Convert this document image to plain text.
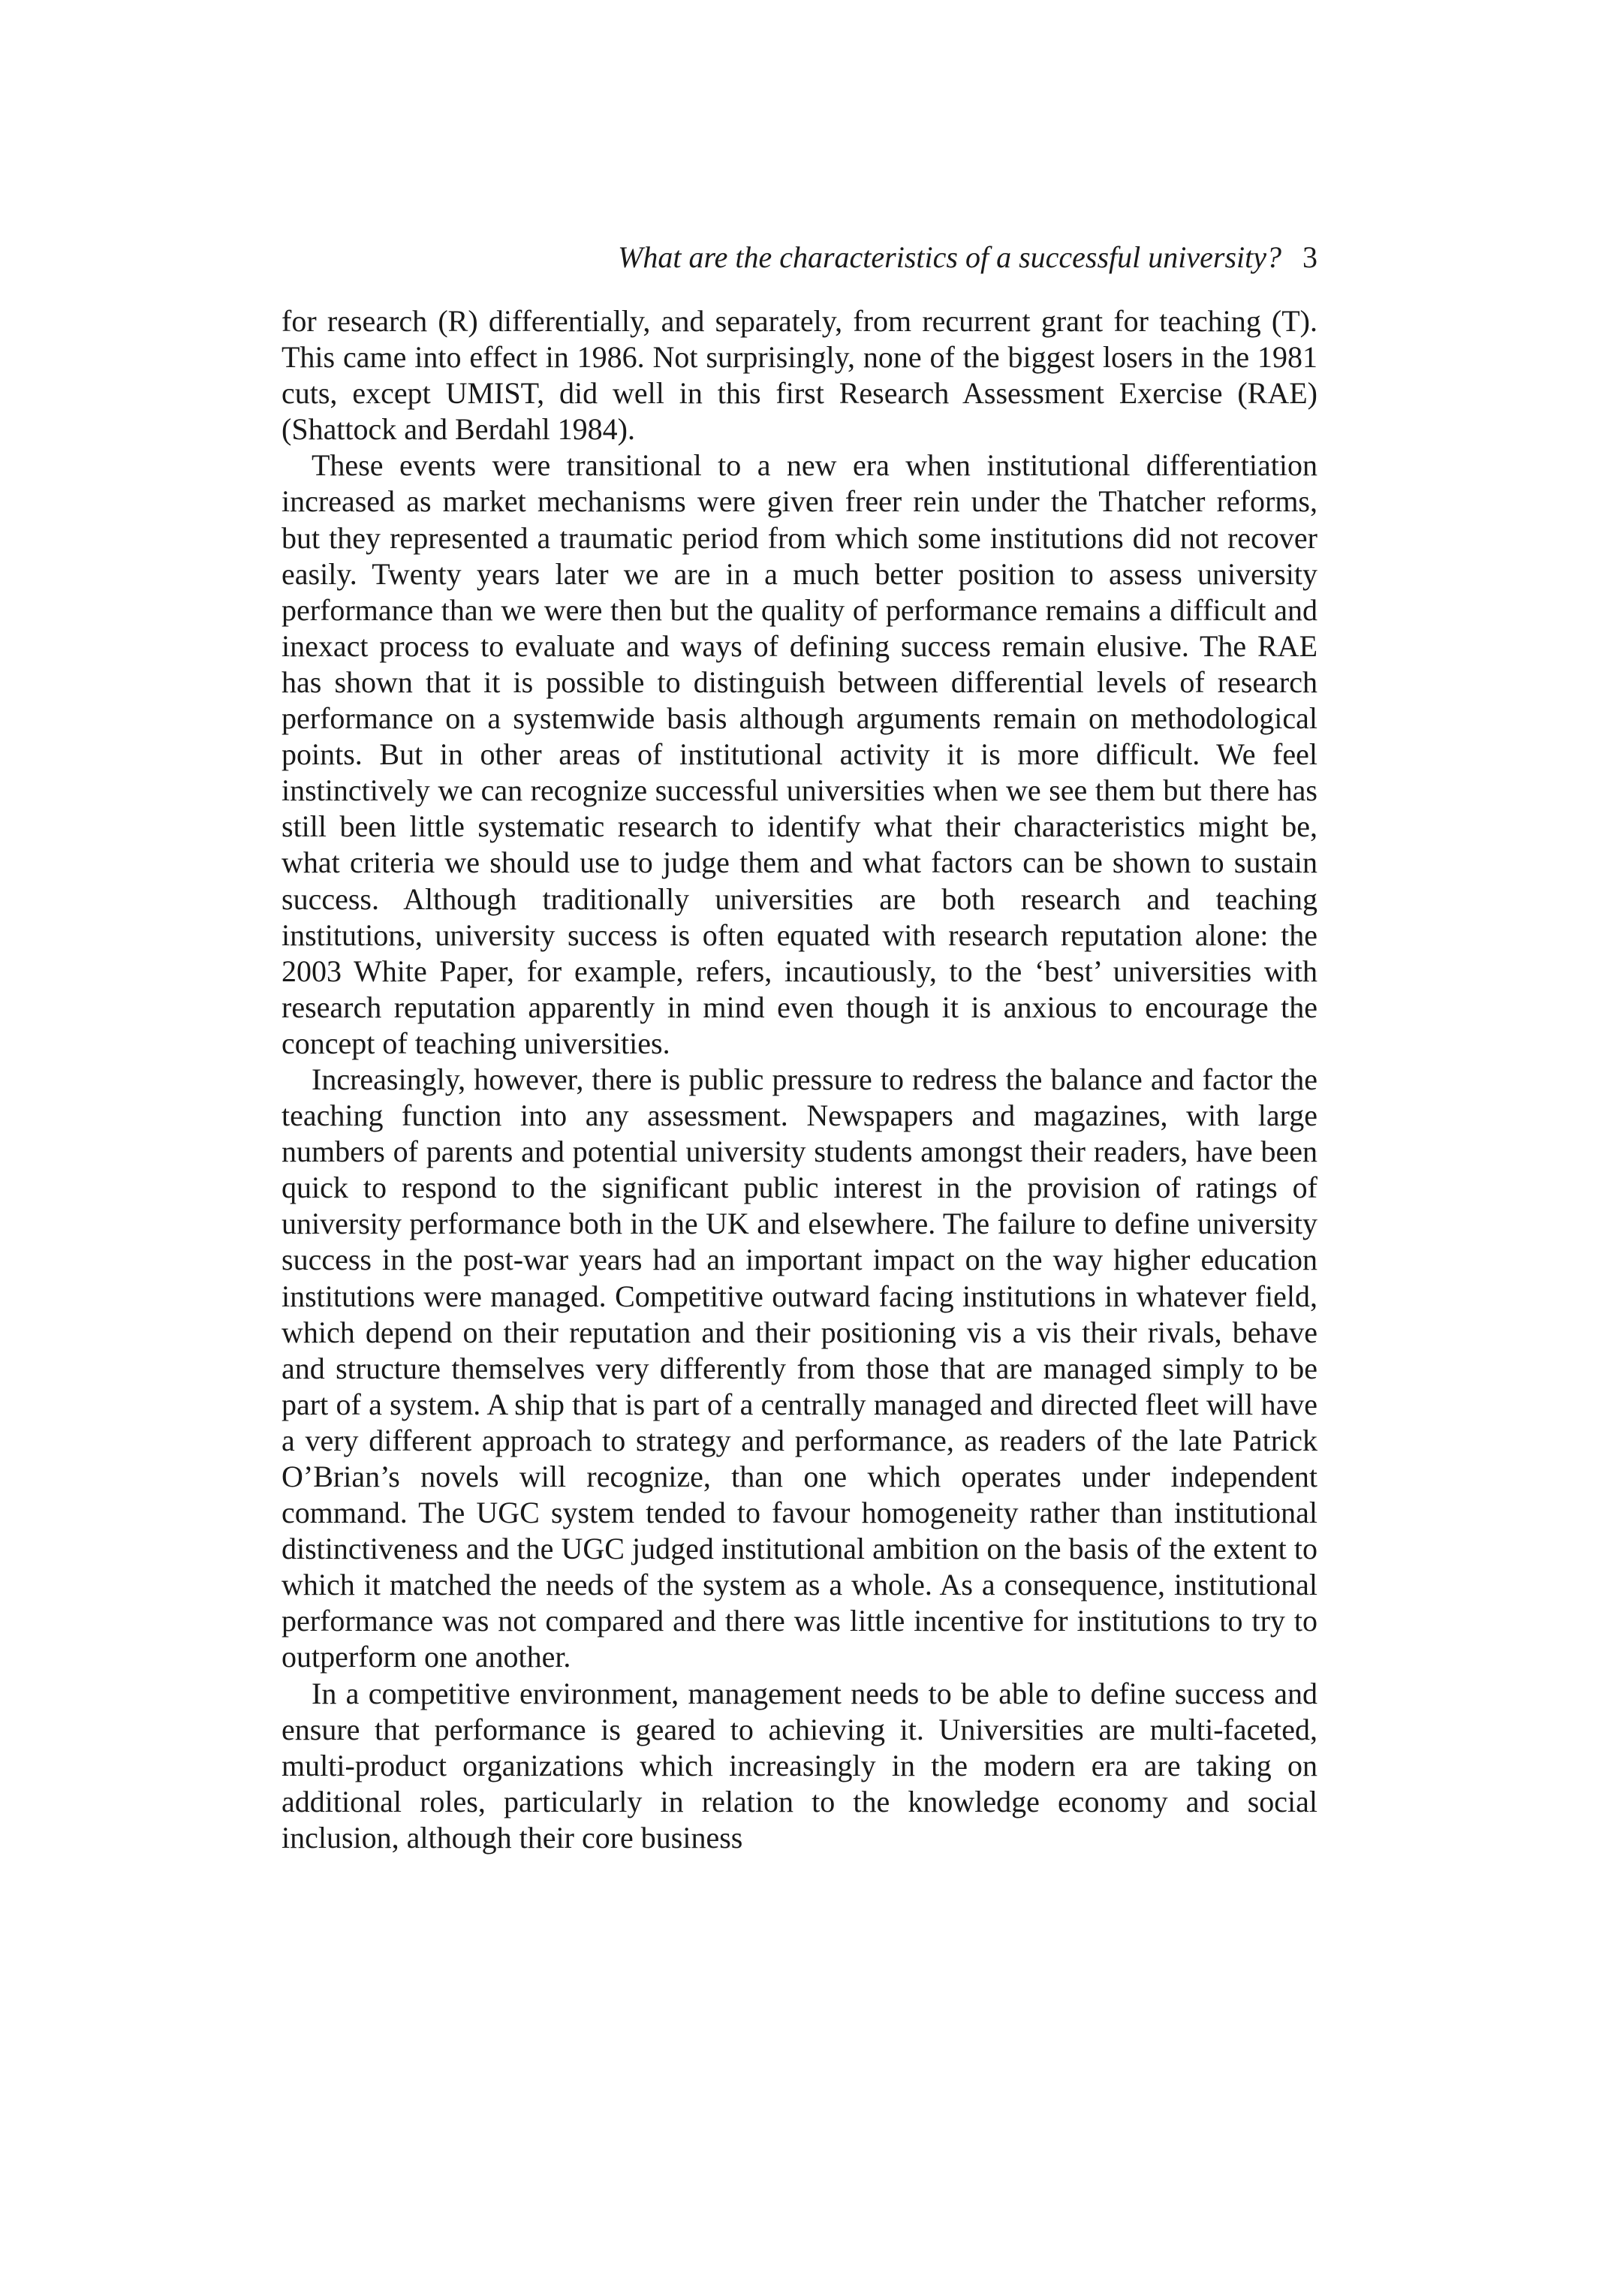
What are the characteristics of a successful university? 3

for research (R) differentially, and separately, from recurrent grant for teaching (T). This came into effect in 1986. Not surprisingly, none of the biggest losers in the 1981 cuts, except UMIST, did well in this first Research Assessment Exercise (RAE) (Shattock and Berdahl 1984).

These events were transitional to a new era when institutional differentiation increased as market mechanisms were given freer rein under the Thatcher reforms, but they represented a traumatic period from which some institutions did not recover easily. Twenty years later we are in a much better position to assess university performance than we were then but the quality of performance remains a difficult and inexact process to evaluate and ways of defining success remain elusive. The RAE has shown that it is possible to distinguish between differential levels of research performance on a systemwide basis although arguments remain on methodological points. But in other areas of institutional activity it is more difficult. We feel instinctively we can recognize successful universities when we see them but there has still been little systematic research to identify what their characteristics might be, what criteria we should use to judge them and what factors can be shown to sustain success. Although traditionally universities are both research and teaching institutions, university success is often equated with research reputation alone: the 2003 White Paper, for example, refers, incautiously, to the ‘best’ universities with research reputation apparently in mind even though it is anxious to encourage the concept of teaching universities.

Increasingly, however, there is public pressure to redress the balance and factor the teaching function into any assessment. Newspapers and magazines, with large numbers of parents and potential university students amongst their readers, have been quick to respond to the significant public interest in the provision of ratings of university performance both in the UK and elsewhere. The failure to define university success in the post-war years had an important impact on the way higher education institutions were managed. Competitive outward facing institutions in whatever field, which depend on their reputation and their positioning vis a vis their rivals, behave and structure themselves very differently from those that are managed simply to be part of a system. A ship that is part of a centrally managed and directed fleet will have a very different approach to strategy and performance, as readers of the late Patrick O’Brian’s novels will recognize, than one which operates under independent command. The UGC system tended to favour homogeneity rather than institutional distinctiveness and the UGC judged institutional ambition on the basis of the extent to which it matched the needs of the system as a whole. As a consequence, institutional performance was not compared and there was little incentive for institutions to try to outperform one another.

In a competitive environment, management needs to be able to define success and ensure that performance is geared to achieving it. Universities are multi-faceted, multi-product organizations which increasingly in the modern era are taking on additional roles, particularly in relation to the knowledge economy and social inclusion, although their core business
